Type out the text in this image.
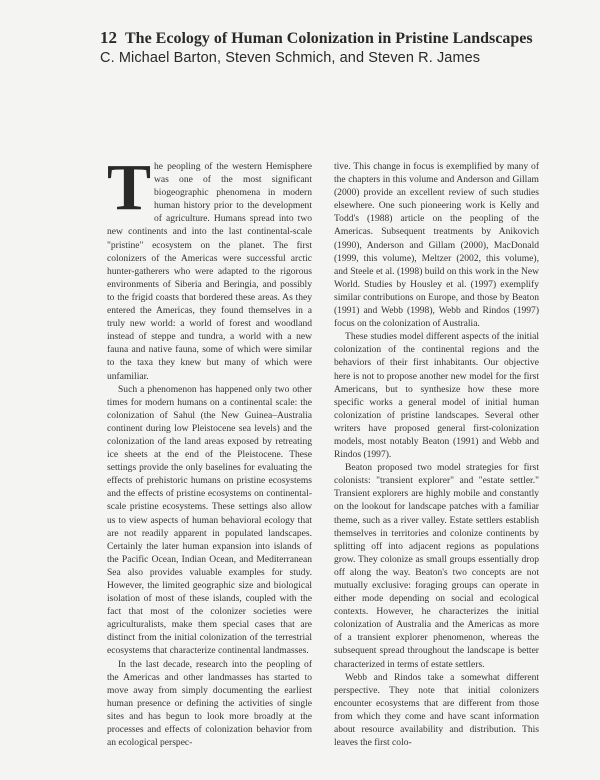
12 The Ecology of Human Colonization in Pristine Landscapes
C. Michael Barton, Steven Schmich, and Steven R. James

The peopling of the western Hemisphere was one of the most significant biogeographic phenomena in modern human history prior to the development of agriculture. Humans spread into two new continents and into the last continental-scale "pristine" ecosystem on the planet. The first colonizers of the Americas were successful arctic hunter-gatherers who were adapted to the rigorous environments of Siberia and Beringia, and possibly to the frigid coasts that bordered these areas. As they entered the Americas, they found themselves in a truly new world: a world of forest and woodland instead of steppe and tundra, a world with a new fauna and native fauna, some of which were similar to the taxa they knew but many of which were unfamiliar.

Such a phenomenon has happened only two other times for modern humans on a continental scale: the colonization of Sahul (the New Guinea–Australia continent during low Pleistocene sea levels) and the colonization of the land areas exposed by retreating ice sheets at the end of the Pleistocene. These settings provide the only baselines for evaluating the effects of prehistoric humans on pristine ecosystems and the effects of pristine ecosystems on continental-scale pristine ecosystems. These settings also allow us to view aspects of human behavioral ecology that are not readily apparent in populated landscapes. Certainly the later human expansion into islands of the Pacific Ocean, Indian Ocean, and Mediterranean Sea also provides valuable examples for study. However, the limited geographic size and biological isolation of most of these islands, coupled with the fact that most of the colonizer societies were agriculturalists, make them special cases that are distinct from the initial colonization of the terrestrial ecosystems that characterize continental landmasses.

In the last decade, research into the peopling of the Americas and other landmasses has started to move away from simply documenting the earliest human presence or defining the activities of single sites and has begun to look more broadly at the processes and effects of colonization behavior from an ecological perspec-

tive. This change in focus is exemplified by many of the chapters in this volume and Anderson and Gillam (2000) provide an excellent review of such studies elsewhere. One such pioneering work is Kelly and Todd's (1988) article on the peopling of the Americas. Subsequent treatments by Anikovich (1990), Anderson and Gillam (2000), MacDonald (1999, this volume), Meltzer (2002, this volume), and Steele et al. (1998) build on this work in the New World. Studies by Housley et al. (1997) exemplify similar contributions on Europe, and those by Beaton (1991) and Webb (1998), Webb and Rindos (1997) focus on the colonization of Australia.

These studies model different aspects of the initial colonization of the continental regions and the behaviors of their first inhabitants. Our objective here is not to propose another new model for the first Americans, but to synthesize how these more specific works a general model of initial human colonization of pristine landscapes. Several other writers have proposed general first-colonization models, most notably Beaton (1991) and Webb and Rindos (1997).

Beaton proposed two model strategies for first colonists: "transient explorer" and "estate settler." Transient explorers are highly mobile and constantly on the lookout for landscape patches with a familiar theme, such as a river valley. Estate settlers establish themselves in territories and colonize continents by splitting off into adjacent regions as populations grow. They colonize as small groups essentially drop off along the way. Beaton's two concepts are not mutually exclusive: foraging groups can operate in either mode depending on social and ecological contexts. However, he characterizes the initial colonization of Australia and the Americas as more of a transient explorer phenomenon, whereas the subsequent spread throughout the landscape is better characterized in terms of estate settlers.

Webb and Rindos take a somewhat different perspective. They note that initial colonizers encounter ecosystems that are different from those from which they come and have scant information about resource availability and distribution. This leaves the first colo-
